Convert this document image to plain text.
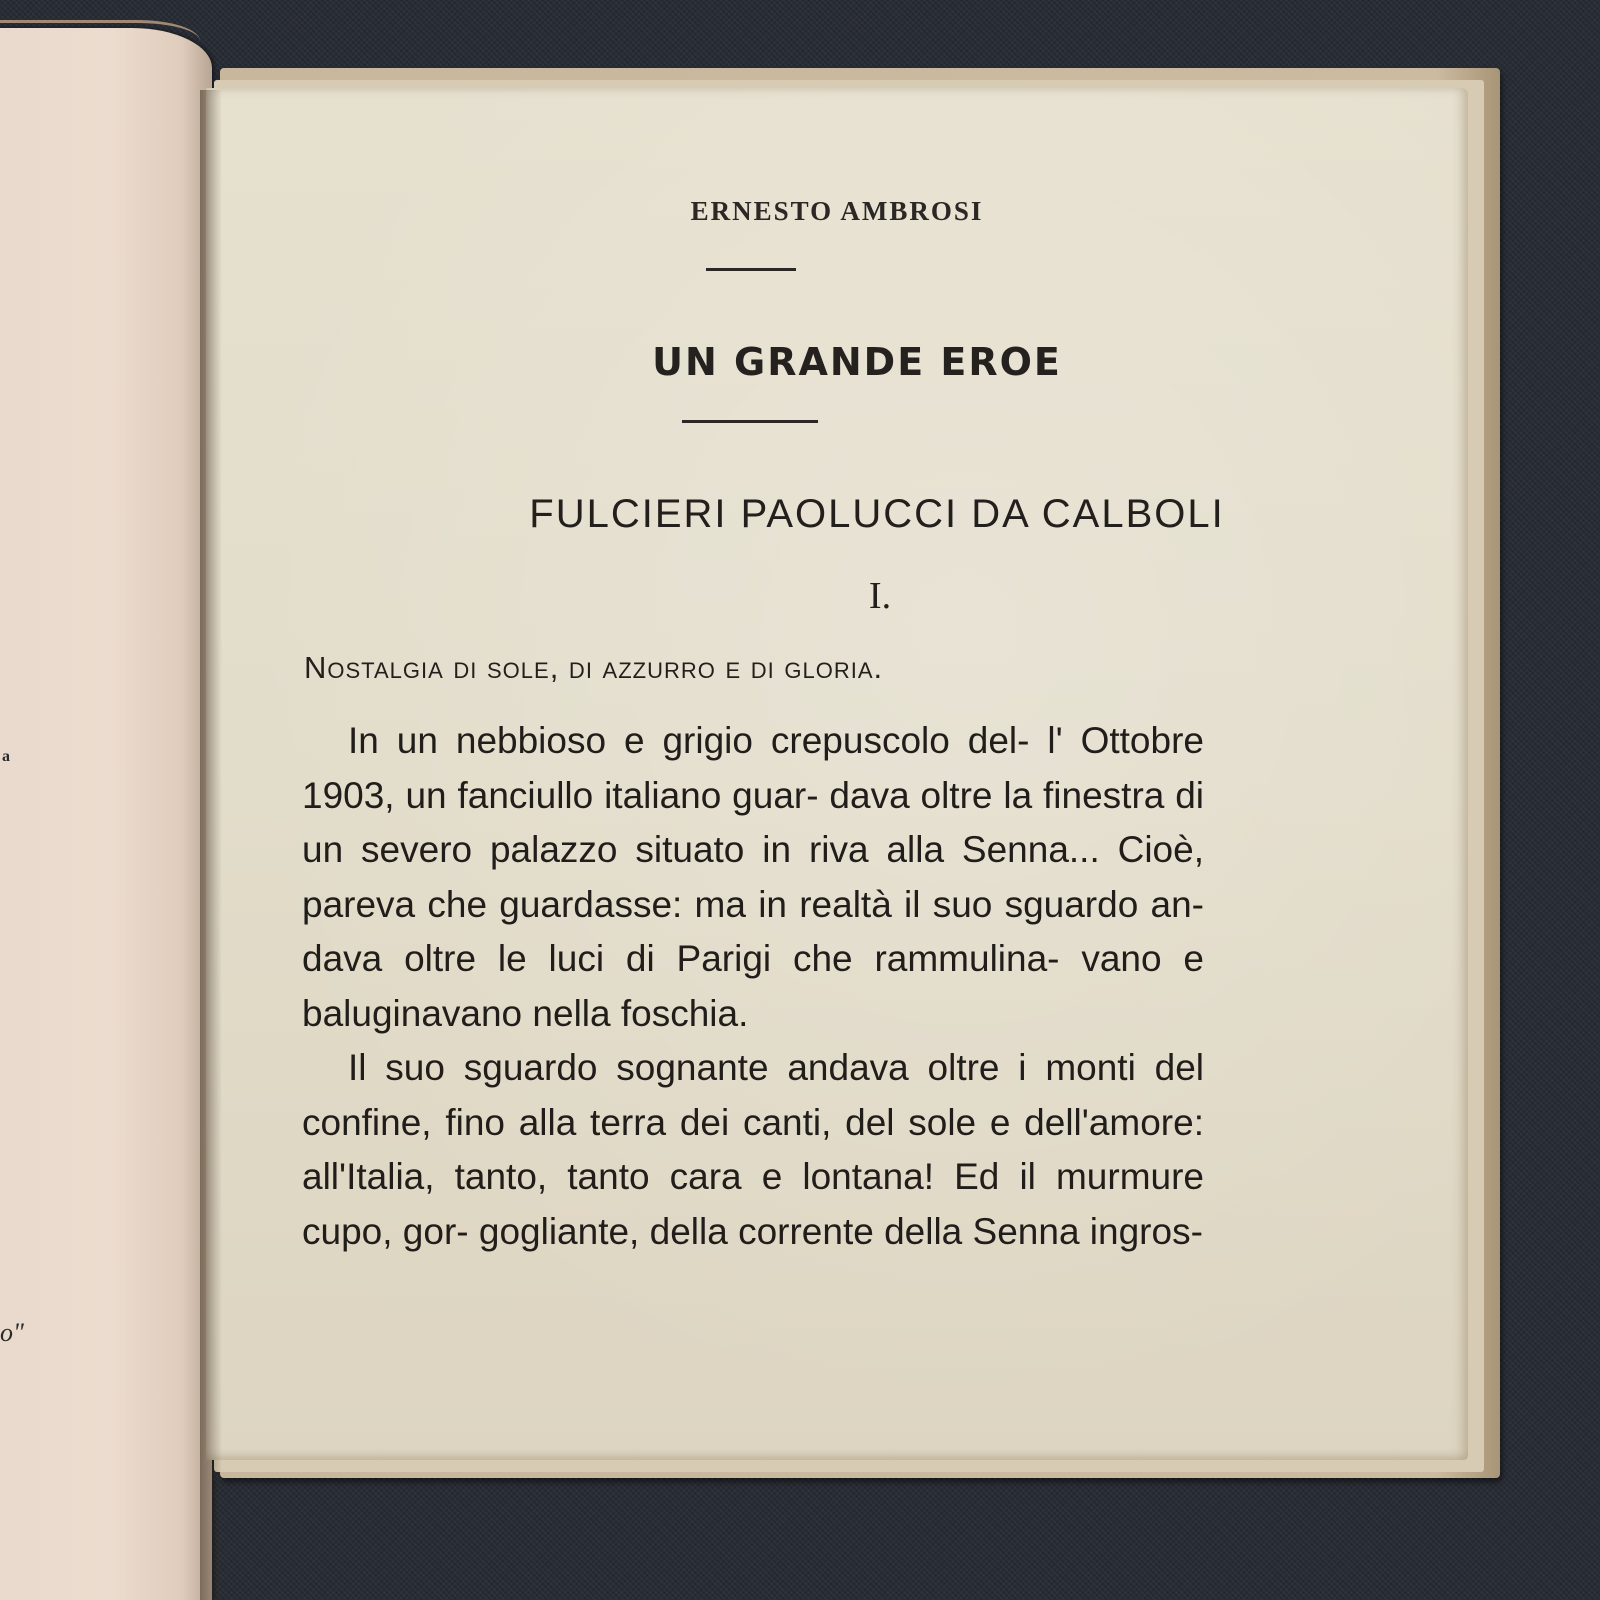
a
o"
ERNESTO AMBROSI
UN GRANDE EROE
FULCIERI PAOLUCCI DA CALBOLI
I.
Nostalgia di sole, di azzurro e di gloria.

In un nebbioso e grigio crepuscolo del- l' Ottobre 1903, un fanciullo italiano guar- dava oltre la finestra di un severo palazzo situato in riva alla Senna... Cioè, pareva che guardasse: ma in realtà il suo sguardo an- dava oltre le luci di Parigi che rammulina- vano e baluginavano nella foschia.

Il suo sguardo sognante andava oltre i monti del confine, fino alla terra dei canti, del sole e dell'amore: all'Italia, tanto, tanto cara e lontana! Ed il murmure cupo, gor- gogliante, della corrente della Senna ingros-
